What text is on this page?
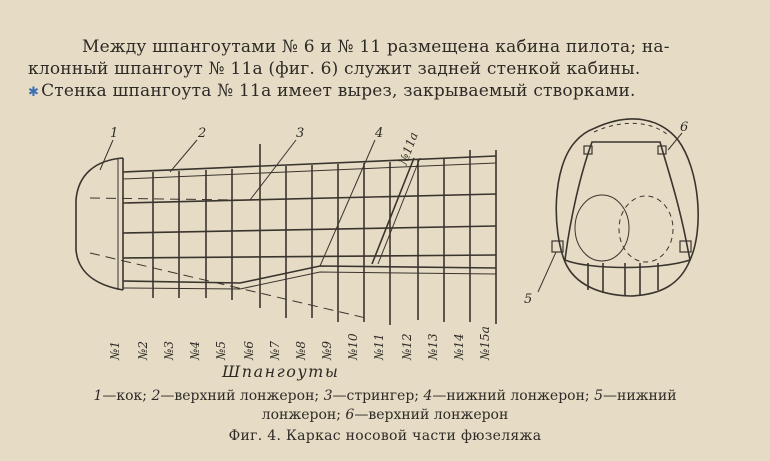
Между шпангоутами № 6 и № 11 размещена кабина пилота; на-

клонный шпангоут № 11а (фиг. 6) служит задней стенкой кабины.

✱ Стенка шпангоута № 11а имеет вырез, закрываемый створками.

1	2	3	4
5
6
№11а
№1 №2 №3 №4 №5 №6 №7 №8 №9 №10 №11 №12 №13 №14 №15а
Шпангоуты

1—кок; 2—верхний лонжерон; 3—стрингер; 4—нижний лонжерон; 5—нижний

лонжерон; 6—верхний лонжерон

Фиг. 4. Каркас носовой части фюзеляжа
